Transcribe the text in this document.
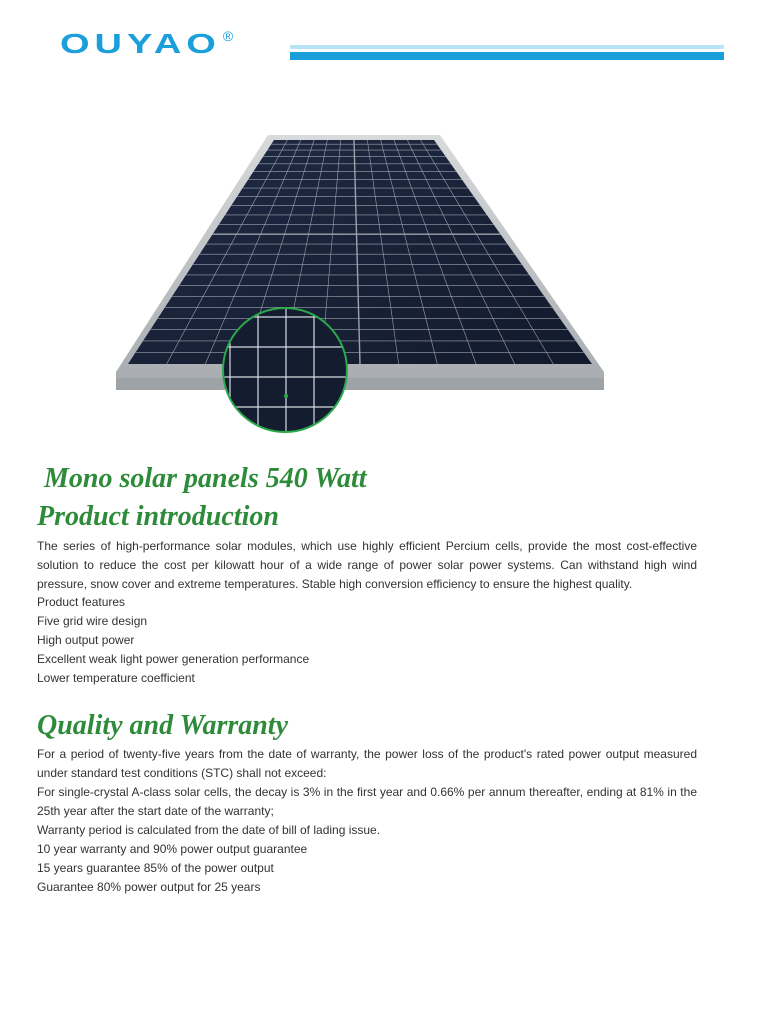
OUYAO ®
Mono solar panels 540 Watt
Product introduction

The series of high-performance solar modules, which use highly efficient Percium cells, provide the most cost-effective solution to reduce the cost per kilowatt hour of a wide range of power solar power systems. Can withstand high wind pressure, snow cover and extreme temperatures. Stable high conversion efficiency to ensure the highest quality.

Product features

Five grid wire design

High output power

Excellent weak light power generation performance

Lower temperature coefficient

Quality and Warranty

For a period of twenty-five years from the date of warranty, the power loss of the product's rated power output measured under standard test conditions (STC) shall not exceed:

For single-crystal A-class solar cells, the decay is 3% in the first year and 0.66% per annum thereafter, ending at 81% in the 25th year after the start date of the warranty;

Warranty period is calculated from the date of bill of lading issue.

10 year warranty and 90% power output guarantee

15 years guarantee 85% of the power output

Guarantee 80% power output for 25 years
